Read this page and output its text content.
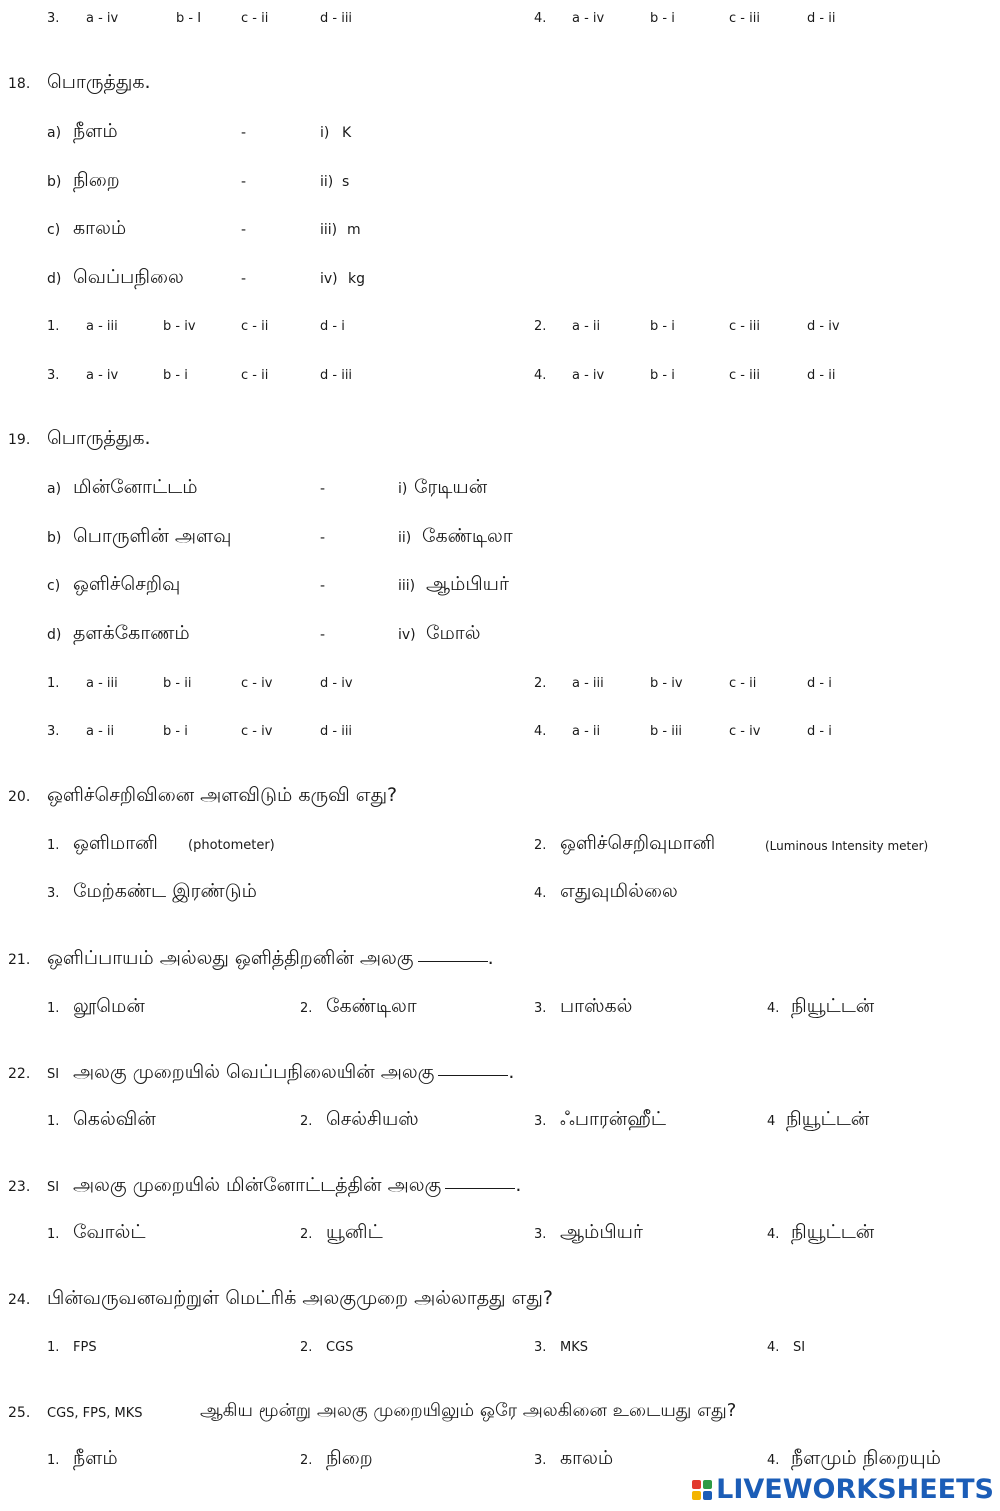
3. a - iv	b - I	c - ii	d - iii	4. a - iv	b - i	c - iii	d - ii
18. பொருத்துக.
a) நீளம்	-	i) K
b) நிறை	-	ii) s
c) காலம்	-	iii) m
d) வெப்பநிலை	-	iv) kg
1. a - iii	b - iv	c - ii	d - i	2. a - ii	b - i	c - iii	d - iv
3. a - iv	b - i	c - ii	d - iii	4. a - iv	b - i	c - iii	d - ii
19. பொருத்துக.
a) மின்னோட்டம்	-	i) ரேடியன்
b) பொருளின் அளவு	-	ii) கேண்டிலா
c) ஒளிச்செறிவு	-	iii) ஆம்பியர்
d) தளக்கோணம்	-	iv) மோல்
1. a - iii	b - ii	c - iv	d - iv	2. a - iii	b - iv	c - ii	d - i
3. a - ii	b - i	c - iv	d - iii	4. a - ii	b - iii	c - iv	d - i
20. ஒளிச்செறிவினை அளவிடும் கருவி எது?
1. ஒளிமானி (photometer)	2. ஒளிச்செறிவுமானி	(Luminous Intensity meter)
3. மேற்கண்ட இரண்டும்	4. எதுவுமில்லை
21. ஒளிப்பாயம் அல்லது ஒளித்திறனின் அலகு	.
1. லூமென்	2. கேண்டிலா	3. பாஸ்கல்	4. நியூட்டன்
22. SI அலகு முறையில் வெப்பநிலையின் அலகு	.
1. கெல்வின்	2. செல்சியஸ்	3. ஃபாரன்ஹீட்	4 நியூட்டன்
23. SI அலகு முறையில் மின்னோட்டத்தின் அலகு	.
1. வோல்ட்	2. யூனிட்	3. ஆம்பியர்	4. நியூட்டன்
24. பின்வருவனவற்றுள் மெட்ரிக் அலகுமுறை அல்லாதது எது?
1. FPS	2. CGS	3. MKS	4. SI
25. CGS, FPS, MKS	ஆகிய மூன்று அலகு முறையிலும் ஒரே அலகினை உடையது எது?
1. நீளம்	2. நிறை	3. காலம்	4. நீளமும் நிறையும்
LIVEWORKSHEETS
